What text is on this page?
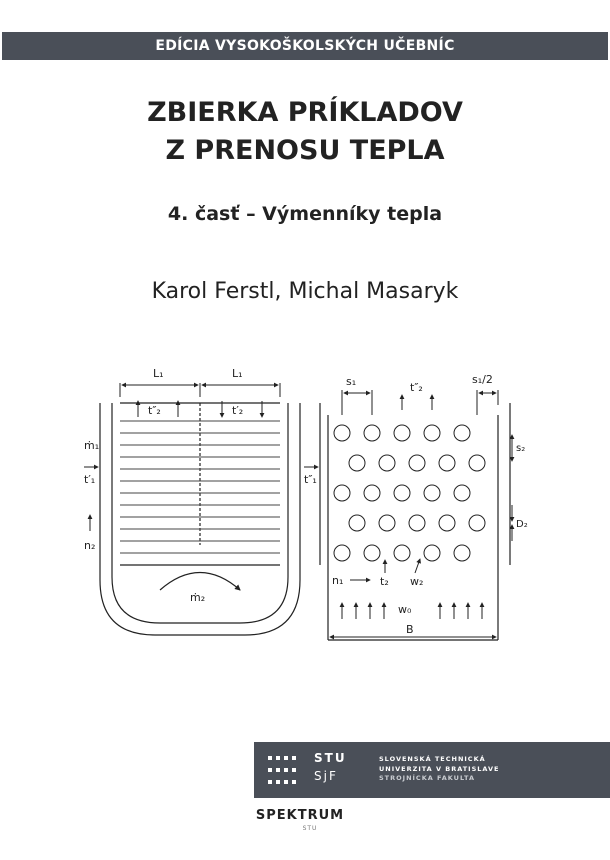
EDÍCIA VYSOKOŠKOLSKÝCH UČEBNÍC
ZBIERKA PRÍKLADOV
Z PRENOSU TEPLA
4. časť – Výmenníky tepla
Karol Ferstl, Michal Masaryk
L₁	L₁
t″₂	t′₂
ṁ₁
t′₁
n₂
t″₁
ṁ₂
s₁	t″₂
s₁/2
s₂
D₂
n₁	t₂ w₂
w₀
B
STU
SjF
SLOVENSKÁ TECHNICKÁ
UNIVERZITA V BRATISLAVE
STROJNÍCKA FAKULTA
SPEKTRUM
STU
